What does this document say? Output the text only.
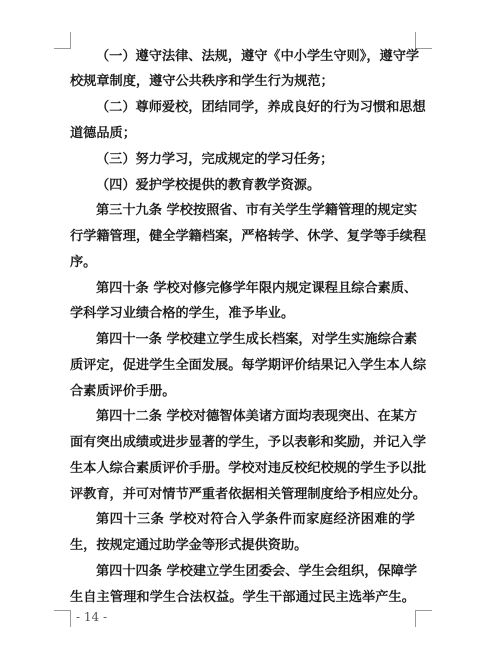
（一）遵守法律、法规，遵守《中小学生守则》，遵守学
校规章制度，遵守公共秩序和学生行为规范；
（二）尊师爱校，团结同学，养成良好的行为习惯和思想
道德品质；
（三）努力学习，完成规定的学习任务；
（四）爱护学校提供的教育教学资源。
第三十九条 学校按照省、市有关学生学籍管理的规定实
行学籍管理，健全学籍档案，严格转学、休学、复学等手续程
序。
第四十条 学校对修完修学年限内规定课程且综合素质、
学科学习业绩合格的学生，准予毕业。
第四十一条 学校建立学生成长档案，对学生实施综合素
质评定，促进学生全面发展。每学期评价结果记入学生本人综
合素质评价手册。
第四十二条 学校对德智体美诸方面均表现突出、在某方
面有突出成绩或进步显著的学生，予以表彰和奖励，并记入学
生本人综合素质评价手册。学校对违反校纪校规的学生予以批
评教育，并可对情节严重者依据相关管理制度给予相应处分。
第四十三条 学校对符合入学条件而家庭经济困难的学
生，按规定通过助学金等形式提供资助。
第四十四条 学校建立学生团委会、学生会组织，保障学
生自主管理和学生合法权益。学生干部通过民主选举产生。
- 14 -
